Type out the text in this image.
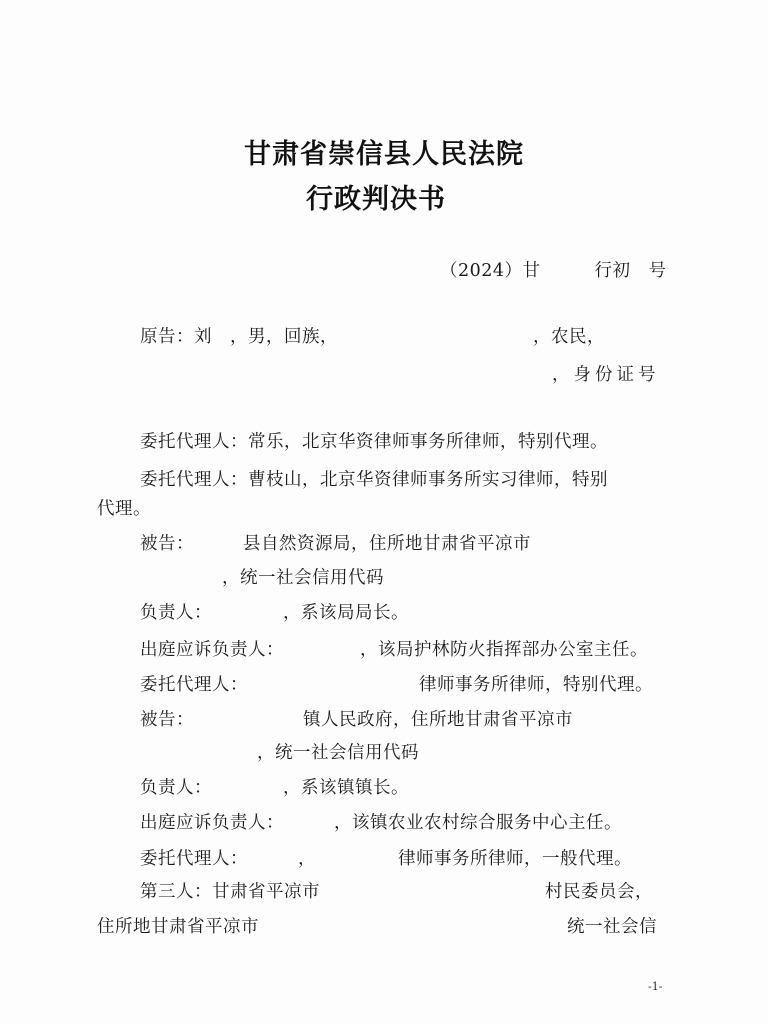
甘肃省崇信县人民法院
行政判决书
（2024）甘　　　行初　号
原告：刘　，男，回族，	，农民，
，身份证号
委托代理人：常乐，北京华资律师事务所律师，特别代理。
委托代理人：曹枝山，北京华资律师事务所实习律师，特别
代理。
被告：	县自然资源局，住所地甘肃省平凉市
，统一社会信用代码
负责人：	，系该局局长。
出庭应诉负责人：	，该局护林防火指挥部办公室主任。
委托代理人：	律师事务所律师，特别代理。
被告：	镇人民政府，住所地甘肃省平凉市
，统一社会信用代码
负责人：	，系该镇镇长。
出庭应诉负责人：	，该镇农业农村综合服务中心主任。
委托代理人：	，	律师事务所律师，一般代理。
第三人：甘肃省平凉市	村民委员会，
住所地甘肃省平凉市	统一社会信
-1-
